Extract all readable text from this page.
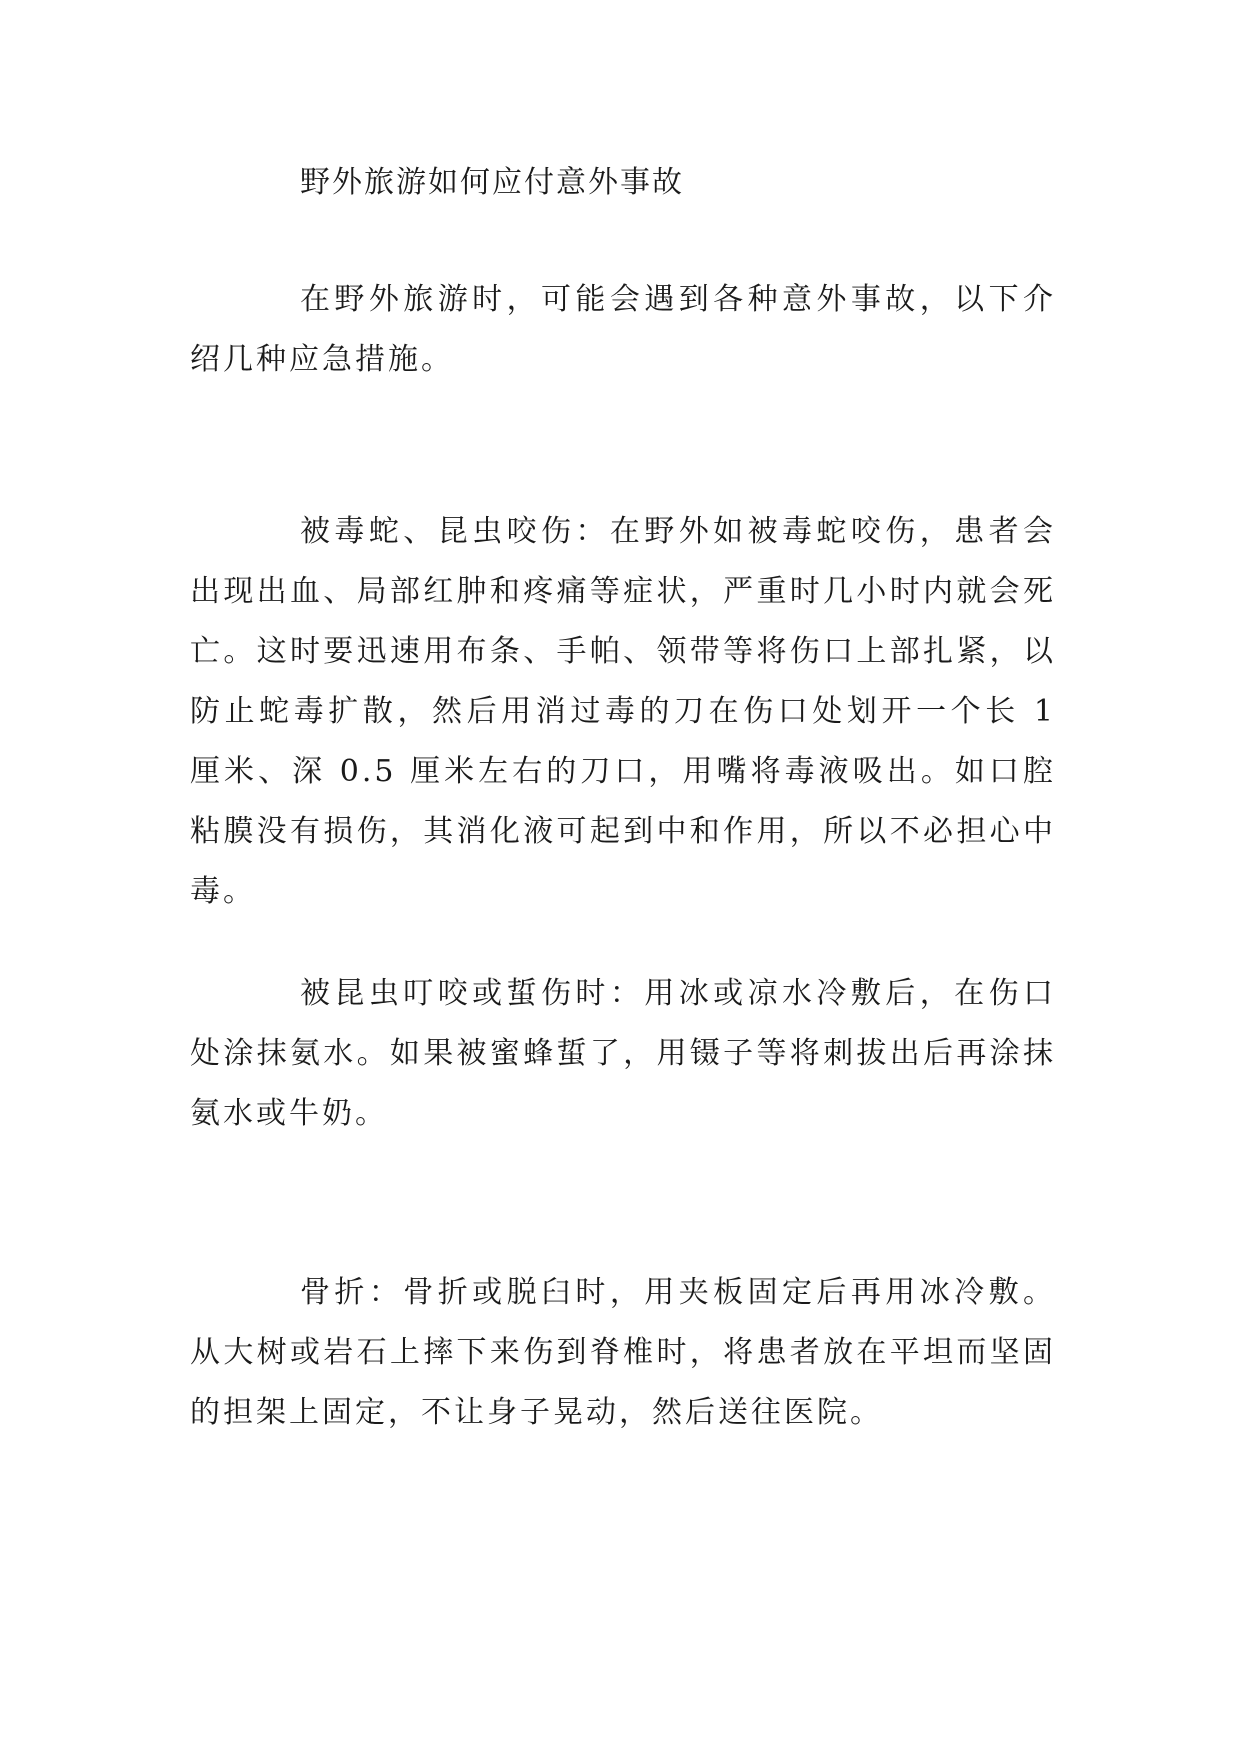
野外旅游如何应付意外事故

在野外旅游时，可能会遇到各种意外事故，以下介绍几种应急措施。

被毒蛇、昆虫咬伤：在野外如被毒蛇咬伤，患者会出现出血、局部红肿和疼痛等症状，严重时几小时内就会死亡。这时要迅速用布条、手帕、领带等将伤口上部扎紧，以防止蛇毒扩散，然后用消过毒的刀在伤口处划开一个长 1 厘米、深 0.5 厘米左右的刀口，用嘴将毒液吸出。如口腔粘膜没有损伤，其消化液可起到中和作用，所以不必担心中毒。

被昆虫叮咬或蜇伤时：用冰或凉水冷敷后，在伤口处涂抹氨水。如果被蜜蜂蜇了，用镊子等将刺拔出后再涂抹氨水或牛奶。

骨折：骨折或脱臼时，用夹板固定后再用冰冷敷。从大树或岩石上摔下来伤到脊椎时，将患者放在平坦而坚固的担架上固定，不让身子晃动，然后送往医院。
